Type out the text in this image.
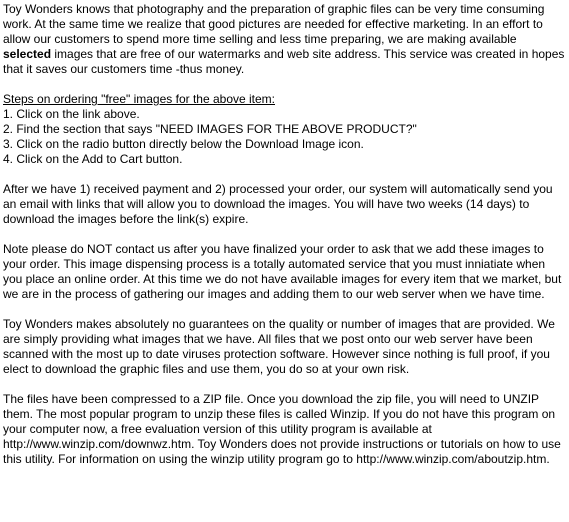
Toy Wonders knows that photography and the preparation of graphic files can be very time consuming work. At the same time we realize that good pictures are needed for effective marketing. In an effort to allow our customers to spend more time selling and less time preparing, we are making available selected images that are free of our watermarks and web site address. This service was created in hopes that it saves our customers time -thus money.

Steps on ordering "free" images for the above item:
1. Click on the link above.
2. Find the section that says "NEED IMAGES FOR THE ABOVE PRODUCT?"
3. Click on the radio button directly below the Download Image icon.
4. Click on the Add to Cart button.

After we have 1) received payment and 2) processed your order, our system will automatically send you an email with links that will allow you to download the images. You will have two weeks (14 days) to download the images before the link(s) expire.

Note please do NOT contact us after you have finalized your order to ask that we add these images to your order. This image dispensing process is a totally automated service that you must inniatiate when you place an online order. At this time we do not have available images for every item that we market, but we are in the process of gathering our images and adding them to our web server when we have time.

Toy Wonders makes absolutely no guarantees on the quality or number of images that are provided. We are simply providing what images that we have. All files that we post onto our web server have been scanned with the most up to date viruses protection software. However since nothing is full proof, if you elect to download the graphic files and use them, you do so at your own risk.

The files have been compressed to a ZIP file. Once you download the zip file, you will need to UNZIP them. The most popular program to unzip these files is called Winzip. If you do not have this program on your computer now, a free evaluation version of this utility program is available at http://www.winzip.com/downwz.htm. Toy Wonders does not provide instructions or tutorials on how to use this utility. For information on using the winzip utility program go to http://www.winzip.com/aboutzip.htm.
